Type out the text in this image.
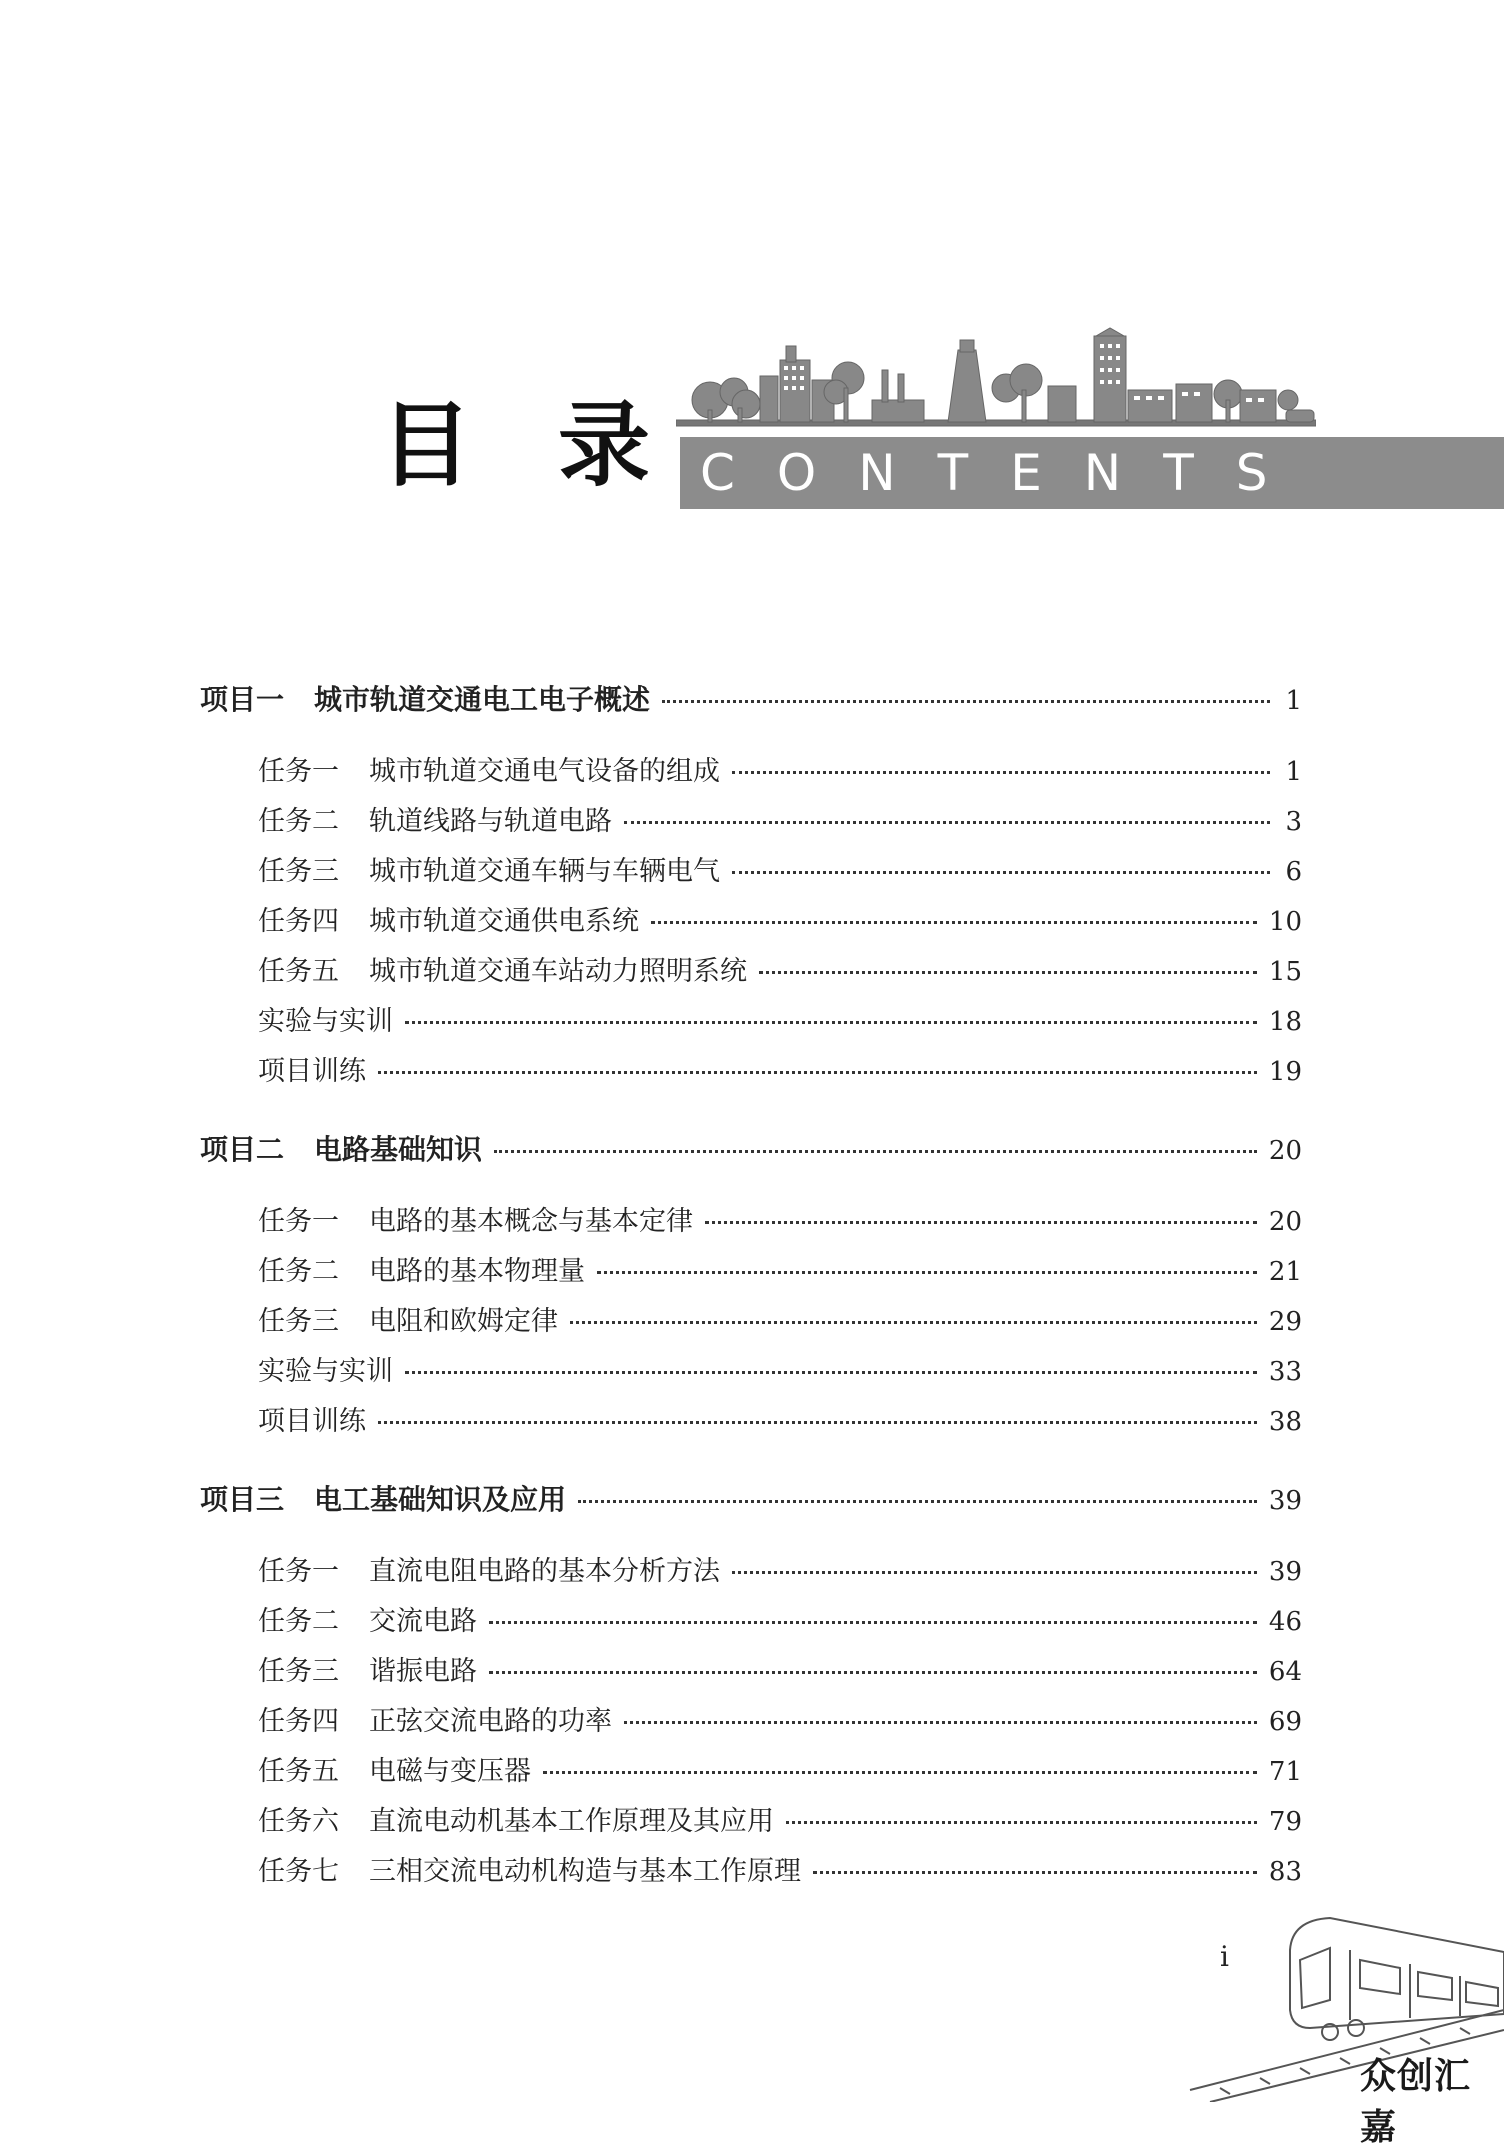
目 录 CONTENTS
项目一 城市轨道交通电工电子概述	1
任务一 城市轨道交通电气设备的组成	1
任务二 轨道线路与轨道电路	3
任务三 城市轨道交通车辆与车辆电气	6
任务四 城市轨道交通供电系统	10
任务五 城市轨道交通车站动力照明系统	15
实验与实训	18
项目训练	19
项目二 电路基础知识	20
任务一 电路的基本概念与基本定律	20
任务二 电路的基本物理量	21
任务三 电阻和欧姆定律	29
实验与实训	33
项目训练	38
项目三 电工基础知识及应用	39
任务一 直流电阻电路的基本分析方法	39
任务二 交流电路	46
任务三 谐振电路	64
任务四 正弦交流电路的功率	69
任务五 电磁与变压器	71
任务六 直流电动机基本工作原理及其应用	79
任务七 三相交流电动机构造与基本工作原理	83
i
众创汇嘉
